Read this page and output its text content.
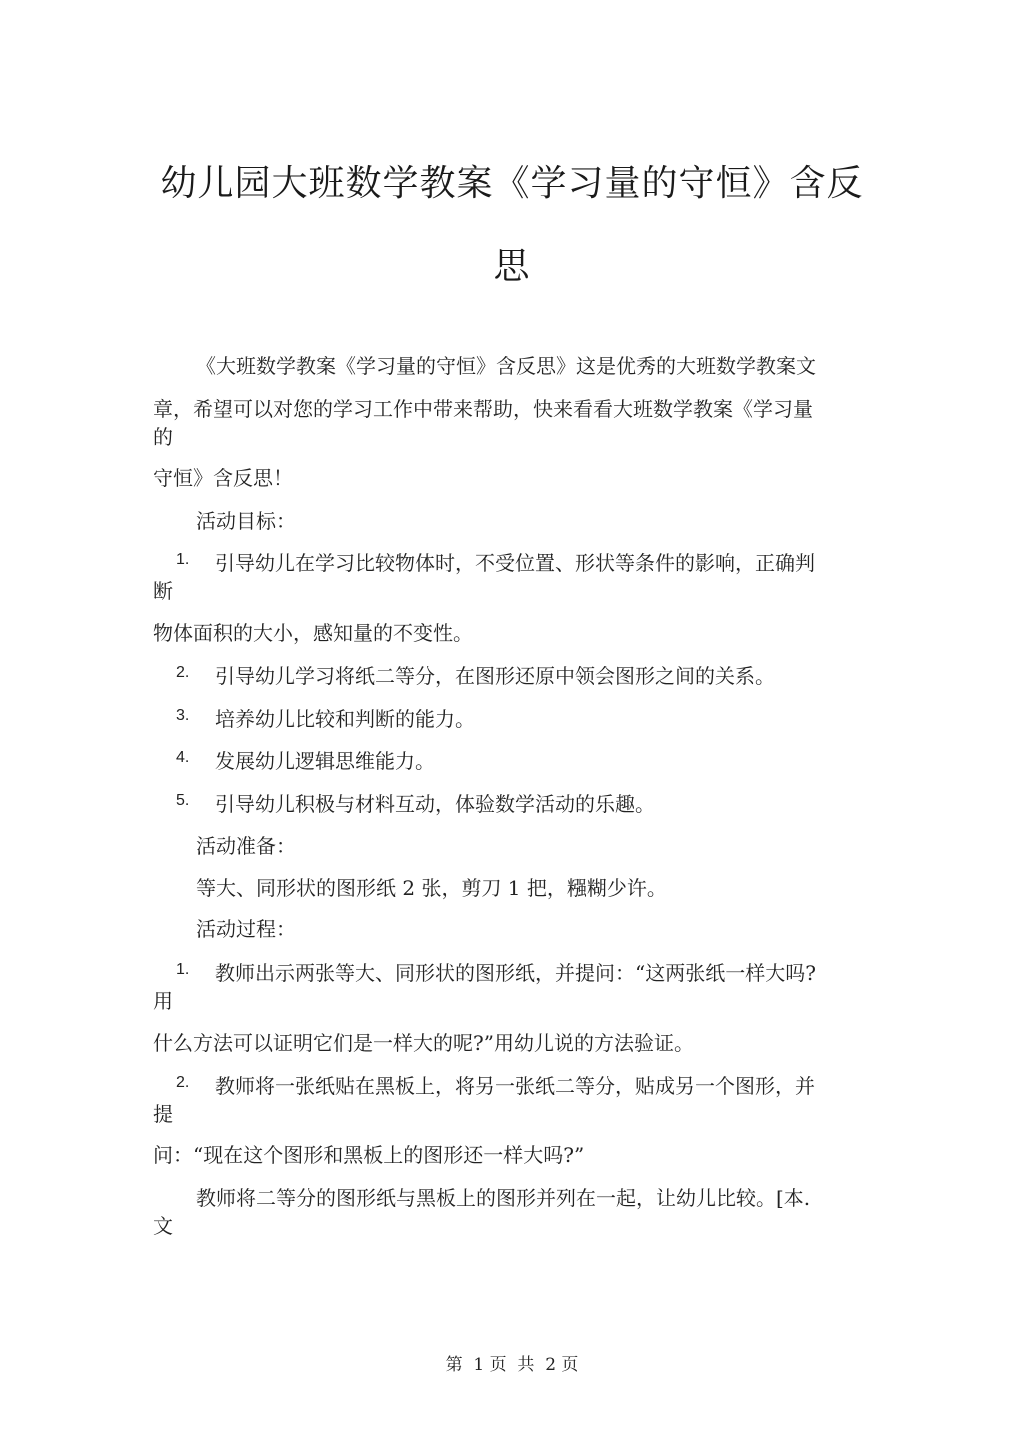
幼儿园大班数学教案《学习量的守恒》含反
思
《大班数学教案《学习量的守恒》含反思》这是优秀的大班数学教案文
章，希望可以对您的学习工作中带来帮助，快来看看大班数学教案《学习量
的
守恒》含反思！
活动目标：
1. 引导幼儿在学习比较物体时，不受位置、形状等条件的影响，正确判
断
物体面积的大小，感知量的不变性。
2. 引导幼儿学习将纸二等分，在图形还原中领会图形之间的关系。
3. 培养幼儿比较和判断的能力。
4. 发展幼儿逻辑思维能力。
5. 引导幼儿积极与材料互动，体验数学活动的乐趣。
活动准备：
等大、同形状的图形纸 2 张，剪刀 1 把，糨糊少许。
活动过程：
1. 教师出示两张等大、同形状的图形纸，并提问：“这两张纸一样大吗?
用
什么方法可以证明它们是一样大的呢?”用幼儿说的方法验证。
2. 教师将一张纸贴在黑板上，将另一张纸二等分，贴成另一个图形，并
提
问：“现在这个图形和黑板上的图形还一样大吗?”
教师将二等分的图形纸与黑板上的图形并列在一起，让幼儿比较。[本.
文
第  1 页  共  2 页
